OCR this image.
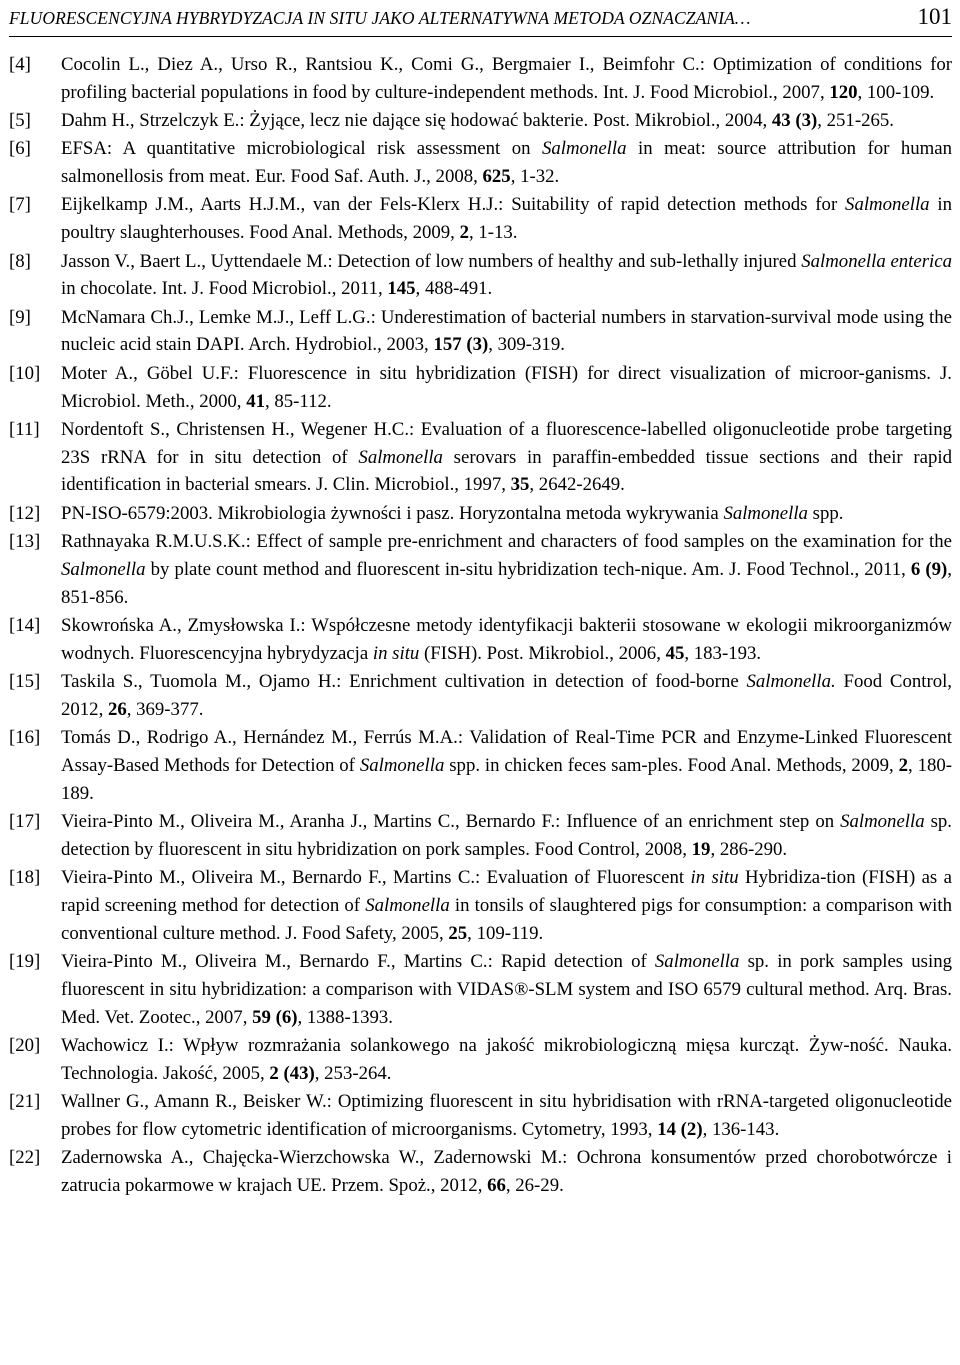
FLUORESCENCYJNA HYBRYDYZACJA IN SITU JAKO ALTERNATYWNA METODA OZNACZANIA…	101
[4] Cocolin L., Diez A., Urso R., Rantsiou K., Comi G., Bergmaier I., Beimfohr C.: Optimization of conditions for profiling bacterial populations in food by culture-independent methods. Int. J. Food Microbiol., 2007, 120, 100-109.
[5] Dahm H., Strzelczyk E.: Żyjące, lecz nie dające się hodować bakterie. Post. Mikrobiol., 2004, 43 (3), 251-265.
[6] EFSA: A quantitative microbiological risk assessment on Salmonella in meat: source attribution for human salmonellosis from meat. Eur. Food Saf. Auth. J., 2008, 625, 1-32.
[7] Eijkelkamp J.M., Aarts H.J.M., van der Fels-Klerx H.J.: Suitability of rapid detection methods for Salmonella in poultry slaughterhouses. Food Anal. Methods, 2009, 2, 1-13.
[8] Jasson V., Baert L., Uyttendaele M.: Detection of low numbers of healthy and sub-lethally injured Salmonella enterica in chocolate. Int. J. Food Microbiol., 2011, 145, 488-491.
[9] McNamara Ch.J., Lemke M.J., Leff L.G.: Underestimation of bacterial numbers in starvation-survival mode using the nucleic acid stain DAPI. Arch. Hydrobiol., 2003, 157 (3), 309-319.
[10] Moter A., Göbel U.F.: Fluorescence in situ hybridization (FISH) for direct visualization of microor-ganisms. J. Microbiol. Meth., 2000, 41, 85-112.
[11] Nordentoft S., Christensen H., Wegener H.C.: Evaluation of a fluorescence-labelled oligonucleotide probe targeting 23S rRNA for in situ detection of Salmonella serovars in paraffin-embedded tissue sections and their rapid identification in bacterial smears. J. Clin. Microbiol., 1997, 35, 2642-2649.
[12] PN-ISO-6579:2003. Mikrobiologia żywności i pasz. Horyzontalna metoda wykrywania Salmonella spp.
[13] Rathnayaka R.M.U.S.K.: Effect of sample pre-enrichment and characters of food samples on the examination for the Salmonella by plate count method and fluorescent in-situ hybridization tech-nique. Am. J. Food Technol., 2011, 6 (9), 851-856.
[14] Skowrońska A., Zmysłowska I.: Współczesne metody identyfikacji bakterii stosowane w ekologii mikroorganizmów wodnych. Fluorescencyjna hybrydyzacja in situ (FISH). Post. Mikrobiol., 2006, 45, 183-193.
[15] Taskila S., Tuomola M., Ojamo H.: Enrichment cultivation in detection of food-borne Salmonella. Food Control, 2012, 26, 369-377.
[16] Tomás D., Rodrigo A., Hernández M., Ferrús M.A.: Validation of Real-Time PCR and Enzyme-Linked Fluorescent Assay-Based Methods for Detection of Salmonella spp. in chicken feces sam-ples. Food Anal. Methods, 2009, 2, 180-189.
[17] Vieira-Pinto M., Oliveira M., Aranha J., Martins C., Bernardo F.: Influence of an enrichment step on Salmonella sp. detection by fluorescent in situ hybridization on pork samples. Food Control, 2008, 19, 286-290.
[18] Vieira-Pinto M., Oliveira M., Bernardo F., Martins C.: Evaluation of Fluorescent in situ Hybridiza-tion (FISH) as a rapid screening method for detection of Salmonella in tonsils of slaughtered pigs for consumption: a comparison with conventional culture method. J. Food Safety, 2005, 25, 109-119.
[19] Vieira-Pinto M., Oliveira M., Bernardo F., Martins C.: Rapid detection of Salmonella sp. in pork samples using fluorescent in situ hybridization: a comparison with VIDAS®-SLM system and ISO 6579 cultural method. Arq. Bras. Med. Vet. Zootec., 2007, 59 (6), 1388-1393.
[20] Wachowicz I.: Wpływ rozmrażania solankowego na jakość mikrobiologiczną mięsa kurcząt. Żyw-ność. Nauka. Technologia. Jakość, 2005, 2 (43), 253-264.
[21] Wallner G., Amann R., Beisker W.: Optimizing fluorescent in situ hybridisation with rRNA-targeted oligonucleotide probes for flow cytometric identification of microorganisms. Cytometry, 1993, 14 (2), 136-143.
[22] Zadernowska A., Chajęcka-Wierzchowska W., Zadernowski M.: Ochrona konsumentów przed chorobotwórcze i zatrucia pokarmowe w krajach UE. Przem. Spoż., 2012, 66, 26-29.
